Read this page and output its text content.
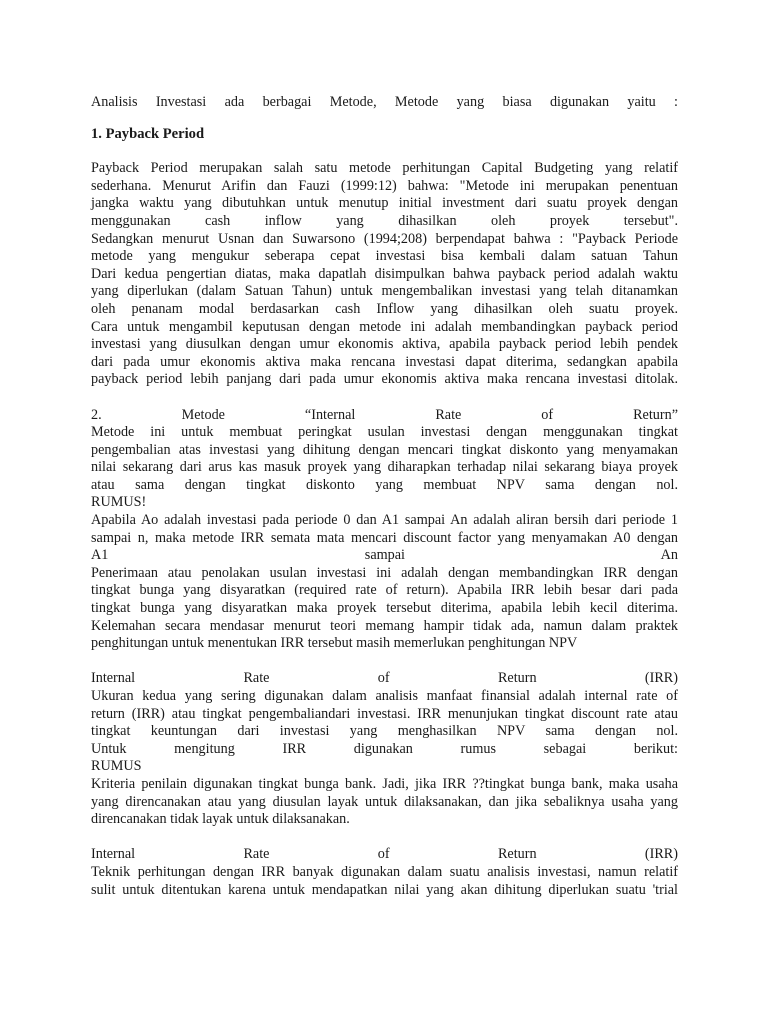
Analisis Investasi ada berbagai Metode, Metode yang biasa digunakan yaitu :

1. Payback Period

Payback Period merupakan salah satu metode perhitungan Capital Budgeting yang relatif

sederhana. Menurut Arifin dan Fauzi (1999:12) bahwa: "Metode ini merupakan penentuan

jangka waktu yang dibutuhkan untuk menutup initial investment dari suatu proyek dengan

menggunakan cash inflow yang dihasilkan oleh proyek tersebut".

Sedangkan menurut Usnan dan Suwarsono (1994;208) berpendapat bahwa : "Payback Periode

metode yang mengukur seberapa cepat investasi bisa kembali dalam satuan Tahun

Dari kedua pengertian diatas, maka dapatlah disimpulkan bahwa payback period adalah waktu

yang diperlukan (dalam Satuan Tahun) untuk mengembalikan investasi yang telah ditanamkan

oleh penanam modal berdasarkan cash Inflow yang dihasilkan oleh suatu proyek.

Cara untuk mengambil keputusan dengan metode ini adalah membandingkan payback period

investasi yang diusulkan dengan umur ekonomis aktiva, apabila payback period lebih pendek

dari pada umur ekonomis aktiva maka rencana investasi dapat diterima, sedangkan apabila

payback period lebih panjang dari pada umur ekonomis aktiva maka rencana investasi ditolak.

2. Metode “Internal Rate of Return”

Metode ini untuk membuat peringkat usulan investasi dengan menggunakan tingkat

pengembalian atas investasi yang dihitung dengan mencari tingkat diskonto yang menyamakan

nilai sekarang dari arus kas masuk proyek yang diharapkan terhadap nilai sekarang biaya proyek

atau sama dengan tingkat diskonto yang membuat NPV sama dengan nol.

RUMUS!

Apabila Ao adalah investasi pada periode 0 dan A1 sampai An adalah aliran bersih dari periode 1

sampai n, maka metode IRR semata mata mencari discount factor yang menyamakan A0 dengan

A1 sampai An

Penerimaan atau penolakan usulan investasi ini adalah dengan membandingkan IRR dengan

tingkat bunga yang disyaratkan (required rate of return). Apabila IRR lebih besar dari pada

tingkat bunga yang disyaratkan maka proyek tersebut diterima, apabila lebih kecil diterima.

Kelemahan secara mendasar menurut teori memang hampir tidak ada, namun dalam praktek

penghitungan untuk menentukan IRR tersebut masih memerlukan penghitungan NPV

Internal Rate of Return (IRR)

Ukuran kedua yang sering digunakan dalam analisis manfaat finansial adalah internal rate of

return (IRR) atau tingkat pengembaliandari investasi. IRR menunjukan tingkat discount rate atau

tingkat keuntungan dari investasi yang menghasilkan NPV sama dengan nol.

Untuk mengitung IRR digunakan rumus sebagai berikut:

RUMUS

Kriteria penilain digunakan tingkat bunga bank. Jadi, jika IRR ??tingkat bunga bank, maka usaha

yang direncanakan atau yang diusulan layak untuk dilaksanakan, dan jika sebaliknya usaha yang

direncanakan tidak layak untuk dilaksanakan.

Internal Rate of Return (IRR)

Teknik perhitungan dengan IRR banyak digunakan dalam suatu analisis investasi, namun relatif

sulit untuk ditentukan karena untuk mendapatkan nilai yang akan dihitung diperlukan suatu 'trial
